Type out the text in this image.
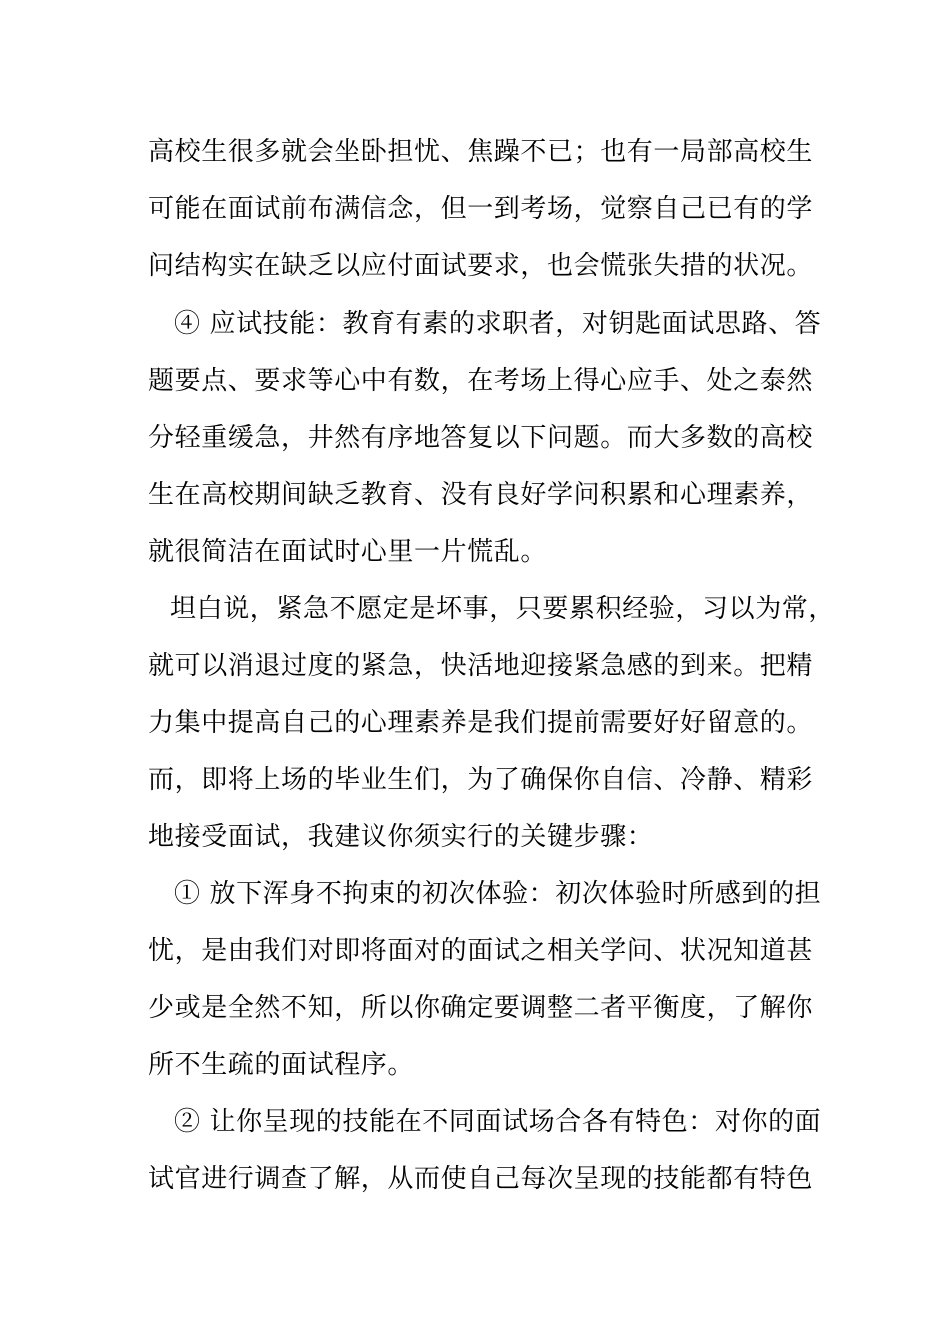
高校生很多就会坐卧担忧、焦躁不已；也有一局部高校生
可能在面试前布满信念，但一到考场，觉察自己已有的学
问结构实在缺乏以应付面试要求，也会慌张失措的状况。
④ 应试技能：教育有素的求职者，对钥匙面试思路、答
题要点、要求等心中有数，在考场上得心应手、处之泰然
分轻重缓急，井然有序地答复以下问题。而大多数的高校
生在高校期间缺乏教育、没有良好学问积累和心理素养，
就很简洁在面试时心里一片慌乱。
坦白说，紧急不愿定是坏事，只要累积经验，习以为常，
就可以消退过度的紧急，快活地迎接紧急感的到来。把精
力集中提高自己的心理素养是我们提前需要好好留意的。
而，即将上场的毕业生们，为了确保你自信、冷静、精彩
地接受面试，我建议你须实行的关键步骤：
① 放下浑身不拘束的初次体验：初次体验时所感到的担
忧，是由我们对即将面对的面试之相关学问、状况知道甚
少或是全然不知，所以你确定要调整二者平衡度，了解你
所不生疏的面试程序。
② 让你呈现的技能在不同面试场合各有特色：对你的面
试官进行调查了解，从而使自己每次呈现的技能都有特色
